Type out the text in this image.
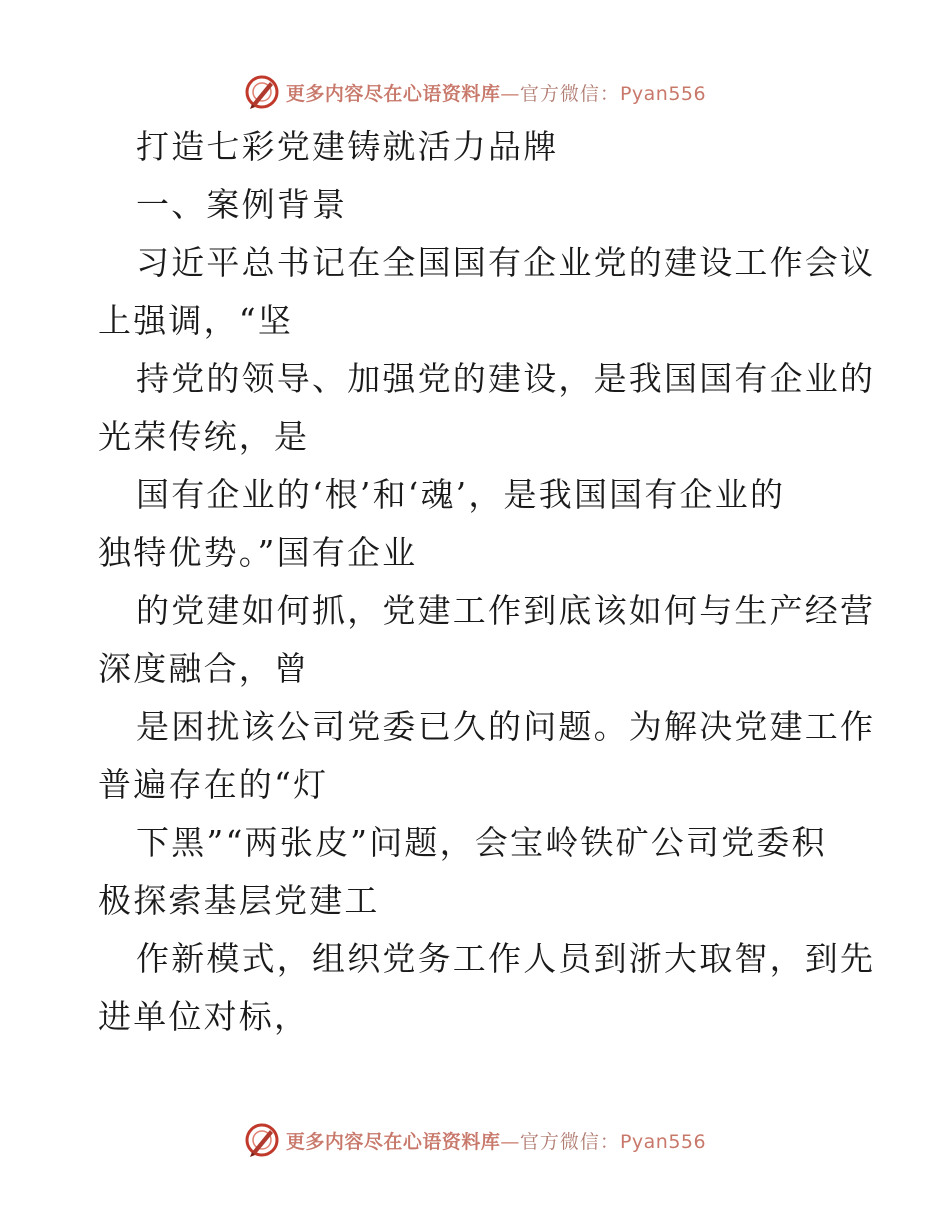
更多内容尽在心语资料库—官方微信：Pyan556
打造七彩党建铸就活力品牌
一、案例背景
习近平总书记在全国国有企业党的建设工作会议
上强调，“坚
持党的领导、加强党的建设，是我国国有企业的
光荣传统，是
国有企业的‘根’和‘魂’，是我国国有企业的
独特优势。”国有企业
的党建如何抓，党建工作到底该如何与生产经营
深度融合，曾
是困扰该公司党委已久的问题。为解决党建工作
普遍存在的“灯
下黑”“两张皮”问题，会宝岭铁矿公司党委积
极探索基层党建工
作新模式，组织党务工作人员到浙大取智，到先
进单位对标，
更多内容尽在心语资料库—官方微信：Pyan556
